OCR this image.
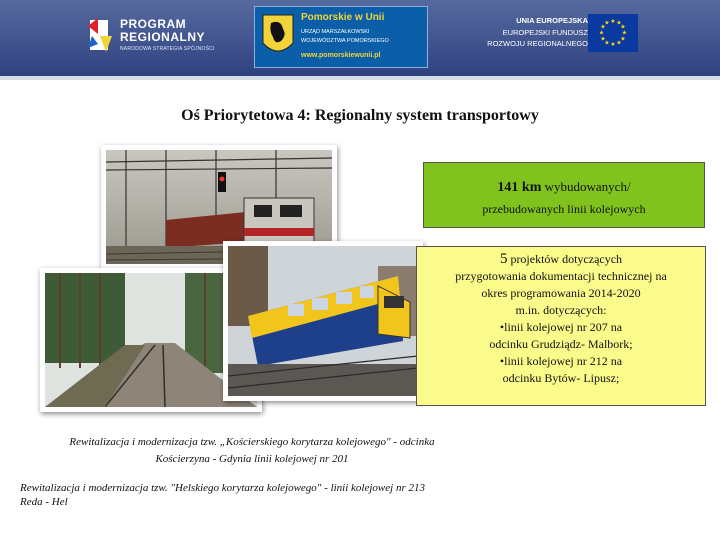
PROGRAM
REGIONALNY
NARODOWA STRATEGIA SPÓJNOŚCI
Pomorskie w Unii
URZĄD MARSZAŁKOWSKI
WOJEWÓDZTWA POMORSKIEGO
www.pomorskiewunii.pl
UNIA EUROPEJSKA
EUROPEJSKI FUNDUSZ
ROZWOJU REGIONALNEGO
★ ★
★
★
★
★
★
★
★
★
★
★
Oś Priorytetowa 4: Regionalny system transportowy
141 km wybudowanych/
przebudowanych linii kolejowych
5 projektów dotyczących
przygotowania dokumentacji technicznej na
okres programowania 2014-2020
m.in. dotyczących:
•linii kolejowej nr 207 na
odcinku Grudziądz- Malbork;
•linii kolejowej nr 212 na
odcinku Bytów- Lipusz;
Rewitalizacja i modernizacja tzw. „Kościerskiego korytarza kolejowego" - odcinka
Kościerzyna - Gdynia linii kolejowej nr 201
Rewitalizacja i modernizacja tzw. "Helskiego korytarza kolejowego" - linii kolejowej nr 213
Reda - Hel
